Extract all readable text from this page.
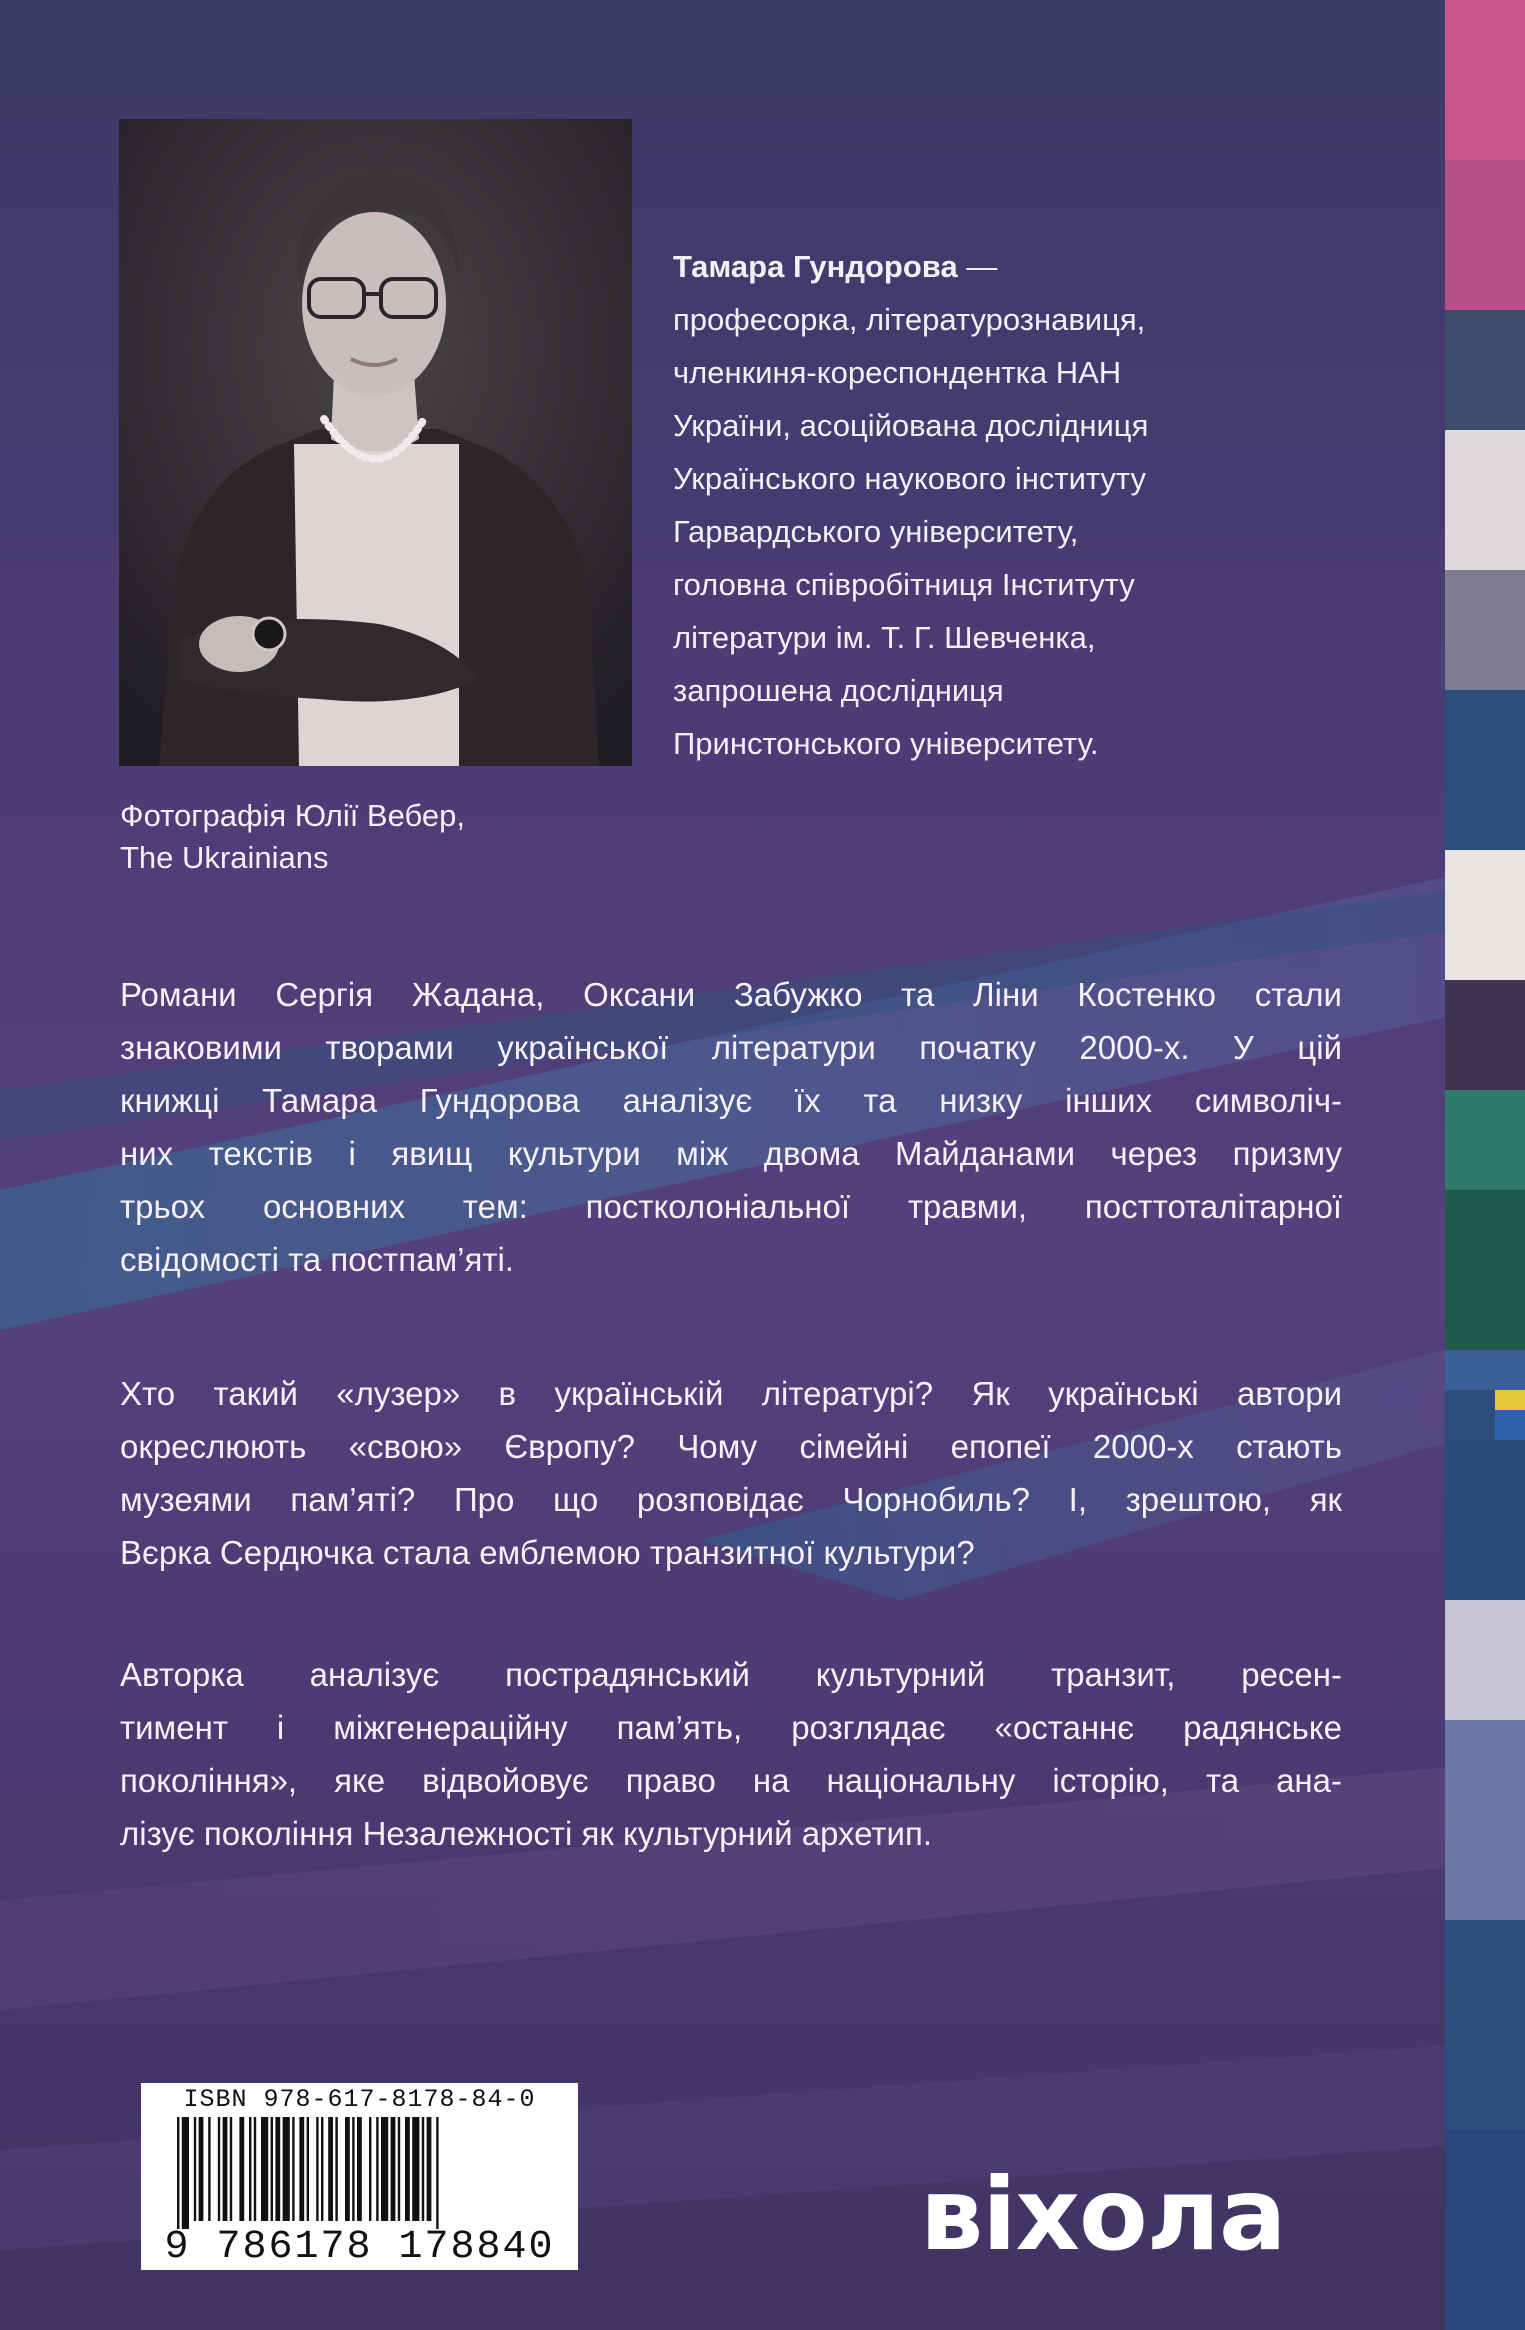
Фотографія Юлії Вебер,
The Ukrainians
Тамара Гундорова —
професорка, літературознавиця,
членкиня-кореспондентка НАН
України, асоційована дослідниця
Українського наукового інституту
Гарвардського університету,
головна співробітниця Інституту
літератури ім. Т. Г. Шевченка,
запрошена дослідниця
Принстонського університету.
Романи Сергія Жадана, Оксани Забужко та Ліни Костенко стали
знаковими творами української літератури початку 2000-х. У цій
книжці Тамара Гундорова аналізує їх та низку інших символіч-
них текстів і явищ культури між двома Майданами через призму
трьох основних тем: постколоніальної травми, посттоталітарної
свідомості та постпам’яті.
Хто такий «лузер» в українській літературі? Як українські автори
окреслюють «свою» Європу? Чому сімейні епопеї 2000-х стають
музеями пам’яті? Про що розповідає Чорнобиль? І, зрештою, як
Вєрка Сердючка стала емблемою транзитної культури?
Авторка аналізує пострадянський культурний транзит, ресен-
тимент і міжгенераційну пам’ять, розглядає «останнє радянське
покоління», яке відвойовує право на національну історію, та ана-
лізує покоління Незалежності як культурний архетип.
ISBN 978-617-8178-84-0
9 786178 178840	віхола
